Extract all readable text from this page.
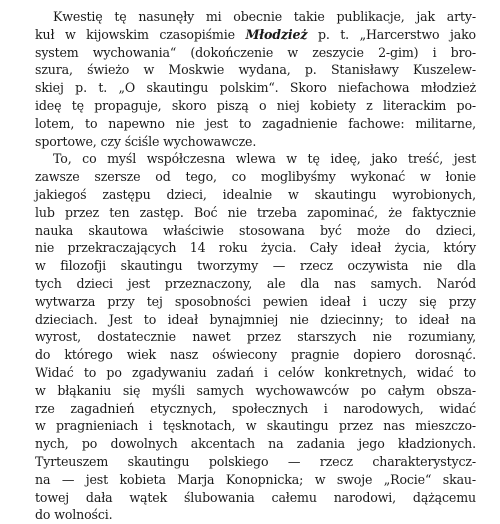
Kwestię tę nasunęły mi obecnie takie publikacje, jak arty-
kuł w kijowskim czasopiśmie Młodzież p. t. „Harcerstwo jako
system wychowania“ (dokończenie w zeszycie 2-gim) i bro-
szura, świeżo w Moskwie wydana, p. Stanisławy Kuszelew-
skiej p. t. „O skautingu polskim“. Skoro niefachowa młodzież
ideę tę propaguje, skoro piszą o niej kobiety z literackim po-
lotem, to napewno nie jest to zagadnienie fachowe: militarne,
sportowe, czy ściśle wychowawcze.
To, co myśl współczesna wlewa w tę ideę, jako treść, jest
zawsze szersze od tego, co moglibyśmy wykonać w łonie
jakiegoś zastępu dzieci, idealnie w skautingu wyrobionych,
lub przez ten zastęp. Boć nie trzeba zapominać, że faktycznie
nauka skautowa właściwie stosowana być może do dzieci,
nie przekraczających 14 roku życia. Cały ideał życia, który
w filozofji skautingu tworzymy — rzecz oczywista nie dla
tych dzieci jest przeznaczony, ale dla nas samych. Naród
wytwarza przy tej sposobności pewien ideał i uczy się przy
dzieciach. Jest to ideał bynajmniej nie dziecinny; to ideał na
wyrost, dostatecznie nawet przez starszych nie rozumiany,
do którego wiek nasz oświecony pragnie dopiero dorosnąć.
Widać to po zgadywaniu zadań i celów konkretnych, widać to
w błąkaniu się myśli samych wychowawców po całym obsza-
rze zagadnień etycznych, społecznych i narodowych, widać
w pragnieniach i tęsknotach, w skautingu przez nas mieszczo-
nych, po dowolnych akcentach na zadania jego kładzionych.
Tyrteuszem skautingu polskiego — rzecz charakterystycz-
na — jest kobieta Marja Konopnicka; w swoje „Rocie“ skau-
towej dała wątek ślubowania całemu narodowi, dążącemu
do wolności.
